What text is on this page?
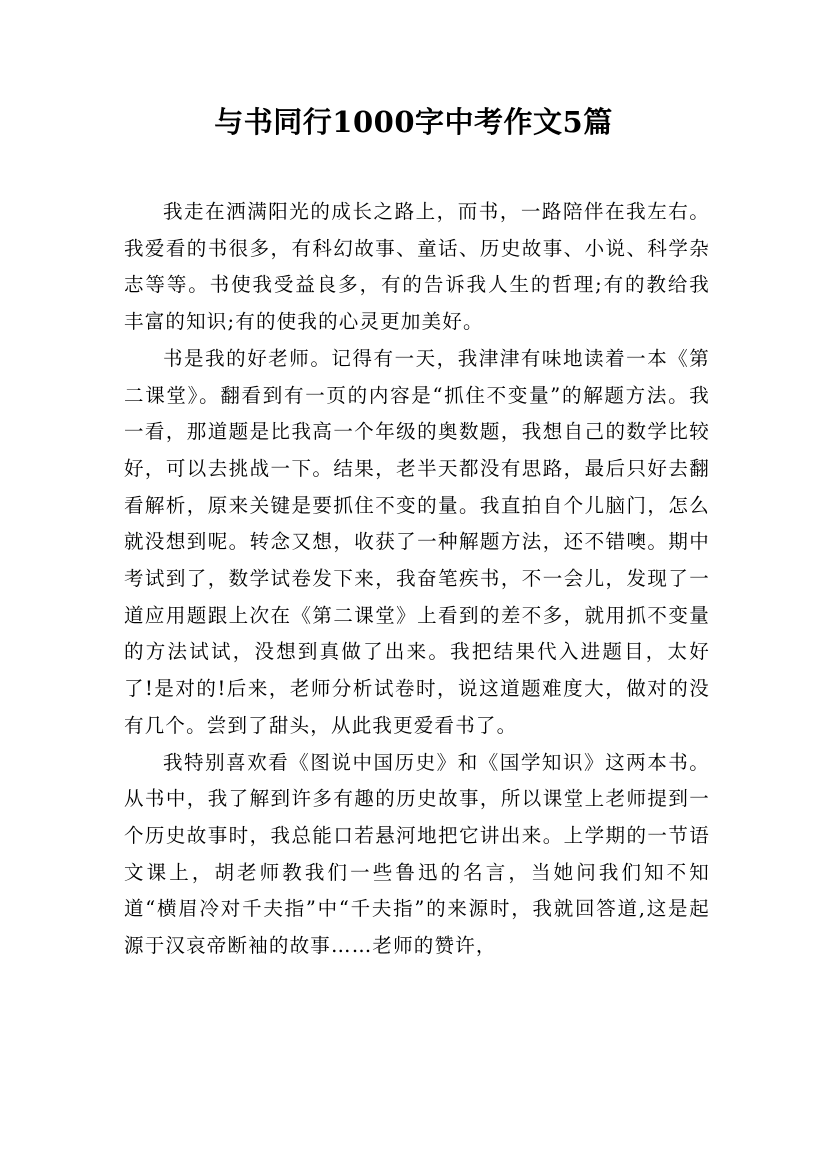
与书同行1000字中考作文5篇

我走在洒满阳光的成长之路上，而书，一路陪伴在我左右。我爱看的书很多，有科幻故事、童话、历史故事、小说、科学杂志等等。书使我受益良多，有的告诉我人生的哲理;有的教给我丰富的知识;有的使我的心灵更加美好。

书是我的好老师。记得有一天，我津津有味地读着一本《第二课堂》。翻看到有一页的内容是“抓住不变量”的解题方法。我一看，那道题是比我高一个年级的奥数题，我想自己的数学比较好，可以去挑战一下。结果，老半天都没有思路，最后只好去翻看解析，原来关键是要抓住不变的量。我直拍自个儿脑门，怎么就没想到呢。转念又想，收获了一种解题方法，还不错噢。期中考试到了，数学试卷发下来，我奋笔疾书，不一会儿，发现了一道应用题跟上次在《第二课堂》上看到的差不多，就用抓不变量的方法试试，没想到真做了出来。我把结果代入进题目，太好了!是对的!后来，老师分析试卷时，说这道题难度大，做对的没有几个。尝到了甜头，从此我更爱看书了。

我特别喜欢看《图说中国历史》和《国学知识》这两本书。从书中，我了解到许多有趣的历史故事，所以课堂上老师提到一个历史故事时，我总能口若悬河地把它讲出来。上学期的一节语文课上，胡老师教我们一些鲁迅的名言，当她问我们知不知道“横眉冷对千夫指”中“千夫指”的来源时，我就回答道,这是起源于汉哀帝断袖的故事……老师的赞许，
